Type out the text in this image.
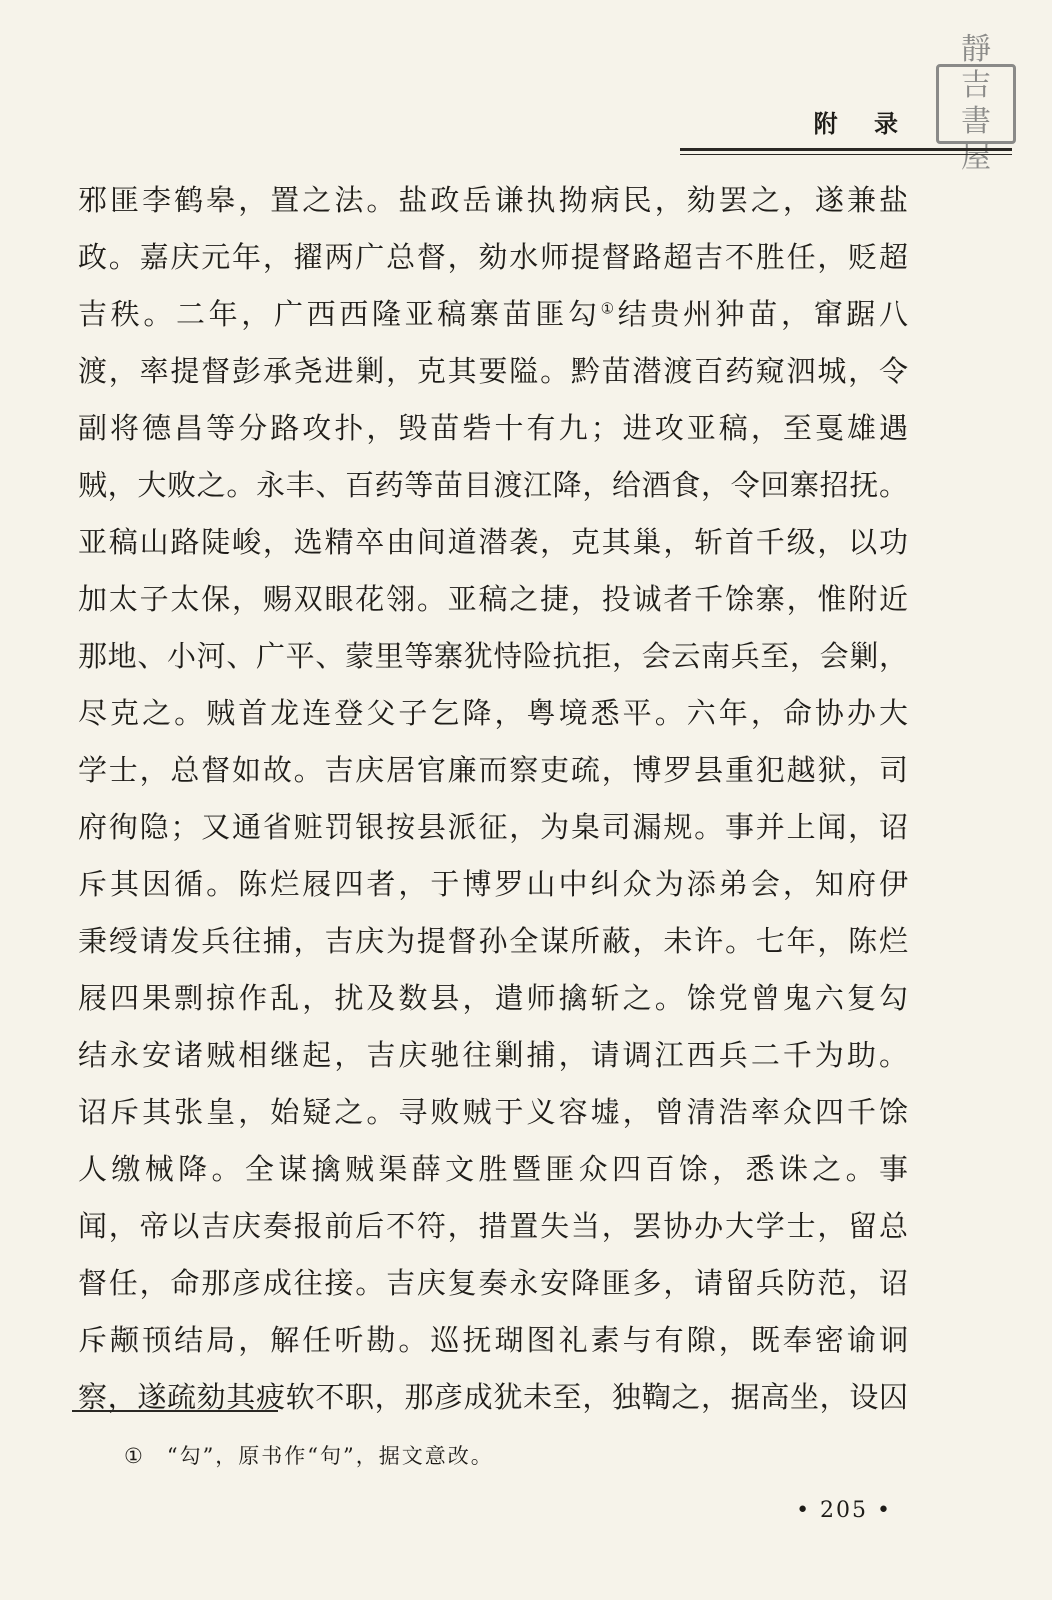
靜
吉
書
屋
附 录
邪匪李鹤皋，置之法。盐政岳谦执拗病民，劾罢之，遂兼盐
政。嘉庆元年，擢两广总督，劾水师提督路超吉不胜任，贬超
吉秩。二年，广西西隆亚稿寨苗匪勾①结贵州狆苗，窜踞八
渡，率提督彭承尧进剿，克其要隘。黔苗潜渡百药窥泗城，令
副将德昌等分路攻扑，毁苗砦十有九；进攻亚稿，至戛雄遇
贼，大败之。永丰、百药等苗目渡江降，给酒食，令回寨招抚。
亚稿山路陡峻，选精卒由间道潜袭，克其巢，斩首千级，以功
加太子太保，赐双眼花翎。亚稿之捷，投诚者千馀寨，惟附近
那地、小河、广平、蒙里等寨犹恃险抗拒，会云南兵至，会剿，
尽克之。贼首龙连登父子乞降，粤境悉平。六年，命协办大
学士，总督如故。吉庆居官廉而察吏疏，博罗县重犯越狱，司
府徇隐；又通省赃罚银按县派征，为臬司漏规。事并上闻，诏
斥其因循。陈烂屐四者，于博罗山中纠众为添弟会，知府伊
秉绶请发兵往捕，吉庆为提督孙全谋所蔽，未许。七年，陈烂
屐四果剽掠作乱，扰及数县，遣师擒斩之。馀党曾鬼六复勾
结永安诸贼相继起，吉庆驰往剿捕，请调江西兵二千为助。
诏斥其张皇，始疑之。寻败贼于义容墟，曾清浩率众四千馀
人缴械降。全谋擒贼渠薛文胜暨匪众四百馀，悉诛之。事
闻，帝以吉庆奏报前后不符，措置失当，罢协办大学士，留总
督任，命那彦成往接。吉庆复奏永安降匪多，请留兵防范，诏
斥颟顸结局，解任听勘。巡抚瑚图礼素与有隙，既奉密谕诇
察，遂疏劾其疲软不职，那彦成犹未至，独鞫之，据高坐，设囚
① “勾”，原书作“句”，据文意改。
• 205 •
